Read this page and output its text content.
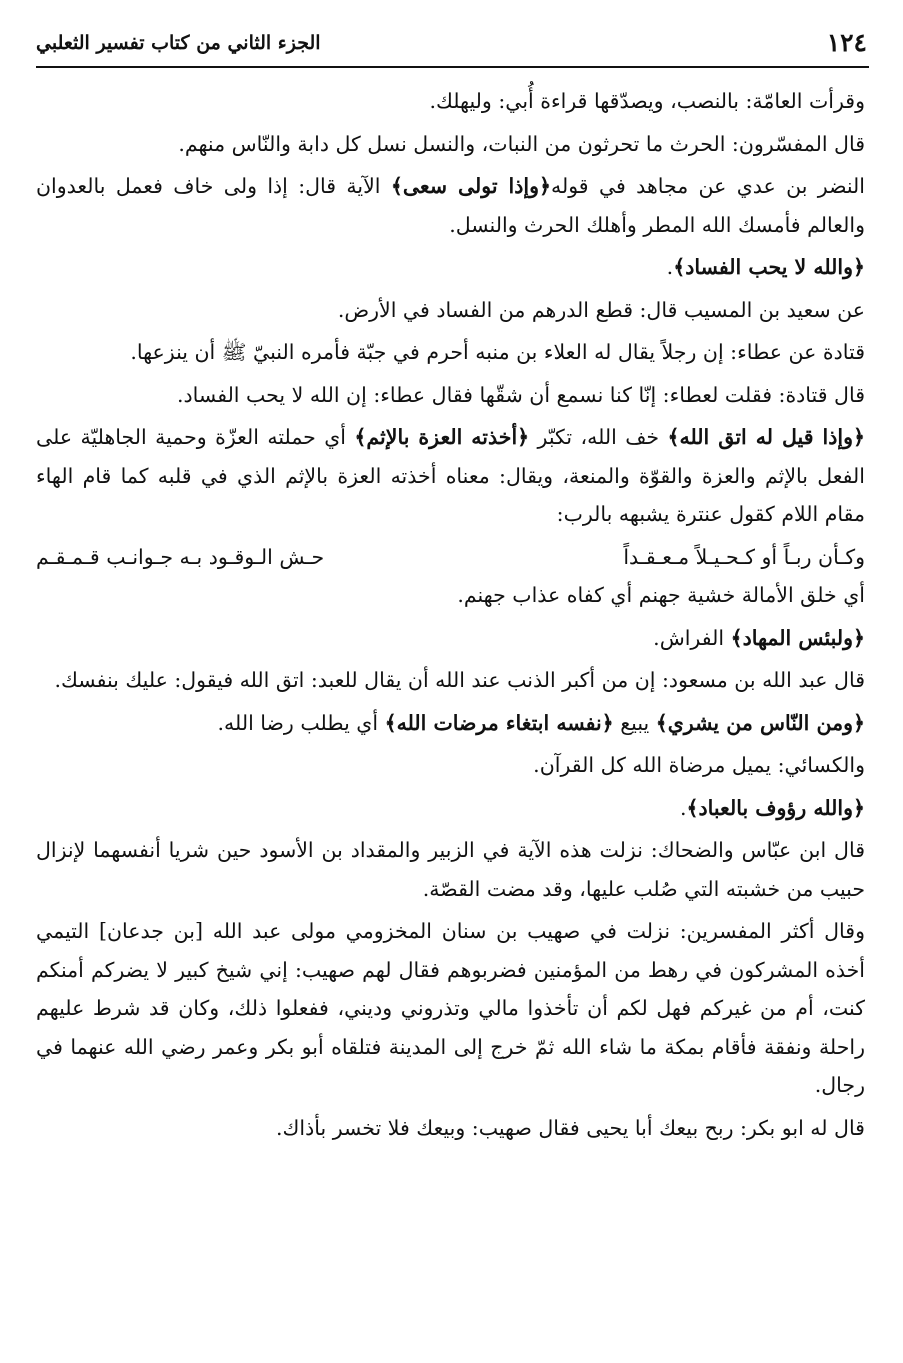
١٢٤
الجزء الثاني من كتاب تفسير الثعلبي

وقرأت العامّة: بالنصب، ويصدّقها قراءة أُبي: وليهلك.

قال المفسّرون: الحرث ما تحرثون من النبات، والنسل نسل كل دابة والنّاس منهم.

النضر بن عدي عن مجاهد في قوله﴿وإذا تولى سعى﴾ الآية قال: إذا ولى خاف فعمل بالعدوان والعالم فأمسك الله المطر وأهلك الحرث والنسل.

﴿والله لا يحب الفساد﴾.

عن سعيد بن المسيب قال: قطع الدرهم من الفساد في الأرض.

قتادة عن عطاء: إن رجلاً يقال له العلاء بن منبه أحرم في جبّة فأمره النبيّ ﷺ أن ينزعها.

قال قتادة: فقلت لعطاء: إنّا كنا نسمع أن شقّها فقال عطاء: إن الله لا يحب الفساد.

﴿وإذا قيل له اتق الله﴾ خف الله، تكبّر ﴿أخذته العزة بالإثم﴾ أي حملته العزّة وحمية الجاهليّة على الفعل بالإثم والعزة والقوّة والمنعة، ويقال: معناه أخذته العزة بالإثم الذي في قلبه كما قام الهاء مقام اللام كقول عنترة يشبهه بالرب:

وكـأن ربـاً أو كـحـيـلاً مـعـقـداً
حـش الـوقـود بـه جـوانـب قـمـقـم

أي خلق الأمالة خشية جهنم أي كفاه عذاب جهنم.

﴿ولبئس المهاد﴾ الفراش.

قال عبد الله بن مسعود: إن من أكبر الذنب عند الله أن يقال للعبد: اتق الله فيقول: عليك بنفسك.

﴿ومن النّاس من يشري﴾ يبيع ﴿نفسه ابتغاء مرضات الله﴾ أي يطلب رضا الله.

والكسائي: يميل مرضاة الله كل القرآن.

﴿والله رؤوف بالعباد﴾.

قال ابن عبّاس والضحاك: نزلت هذه الآية في الزبير والمقداد بن الأسود حين شريا أنفسهما لإنزال حبيب من خشبته التي صُلب عليها، وقد مضت القصّة.

وقال أكثر المفسرين: نزلت في صهيب بن سنان المخزومي مولى عبد الله [بن جدعان] التيمي أخذه المشركون في رهط من المؤمنين فضربوهم فقال لهم صهيب: إني شيخ كبير لا يضركم أمنكم كنت، أم من غيركم فهل لكم أن تأخذوا مالي وتذروني وديني، ففعلوا ذلك، وكان قد شرط عليهم راحلة ونفقة فأقام بمكة ما شاء الله ثمّ خرج إلى المدينة فتلقاه أبو بكر وعمر رضي الله عنهما في رجال.

قال له ابو بكر: ربح بيعك أبا يحيى فقال صهيب: وبيعك فلا تخسر بأذاك.
